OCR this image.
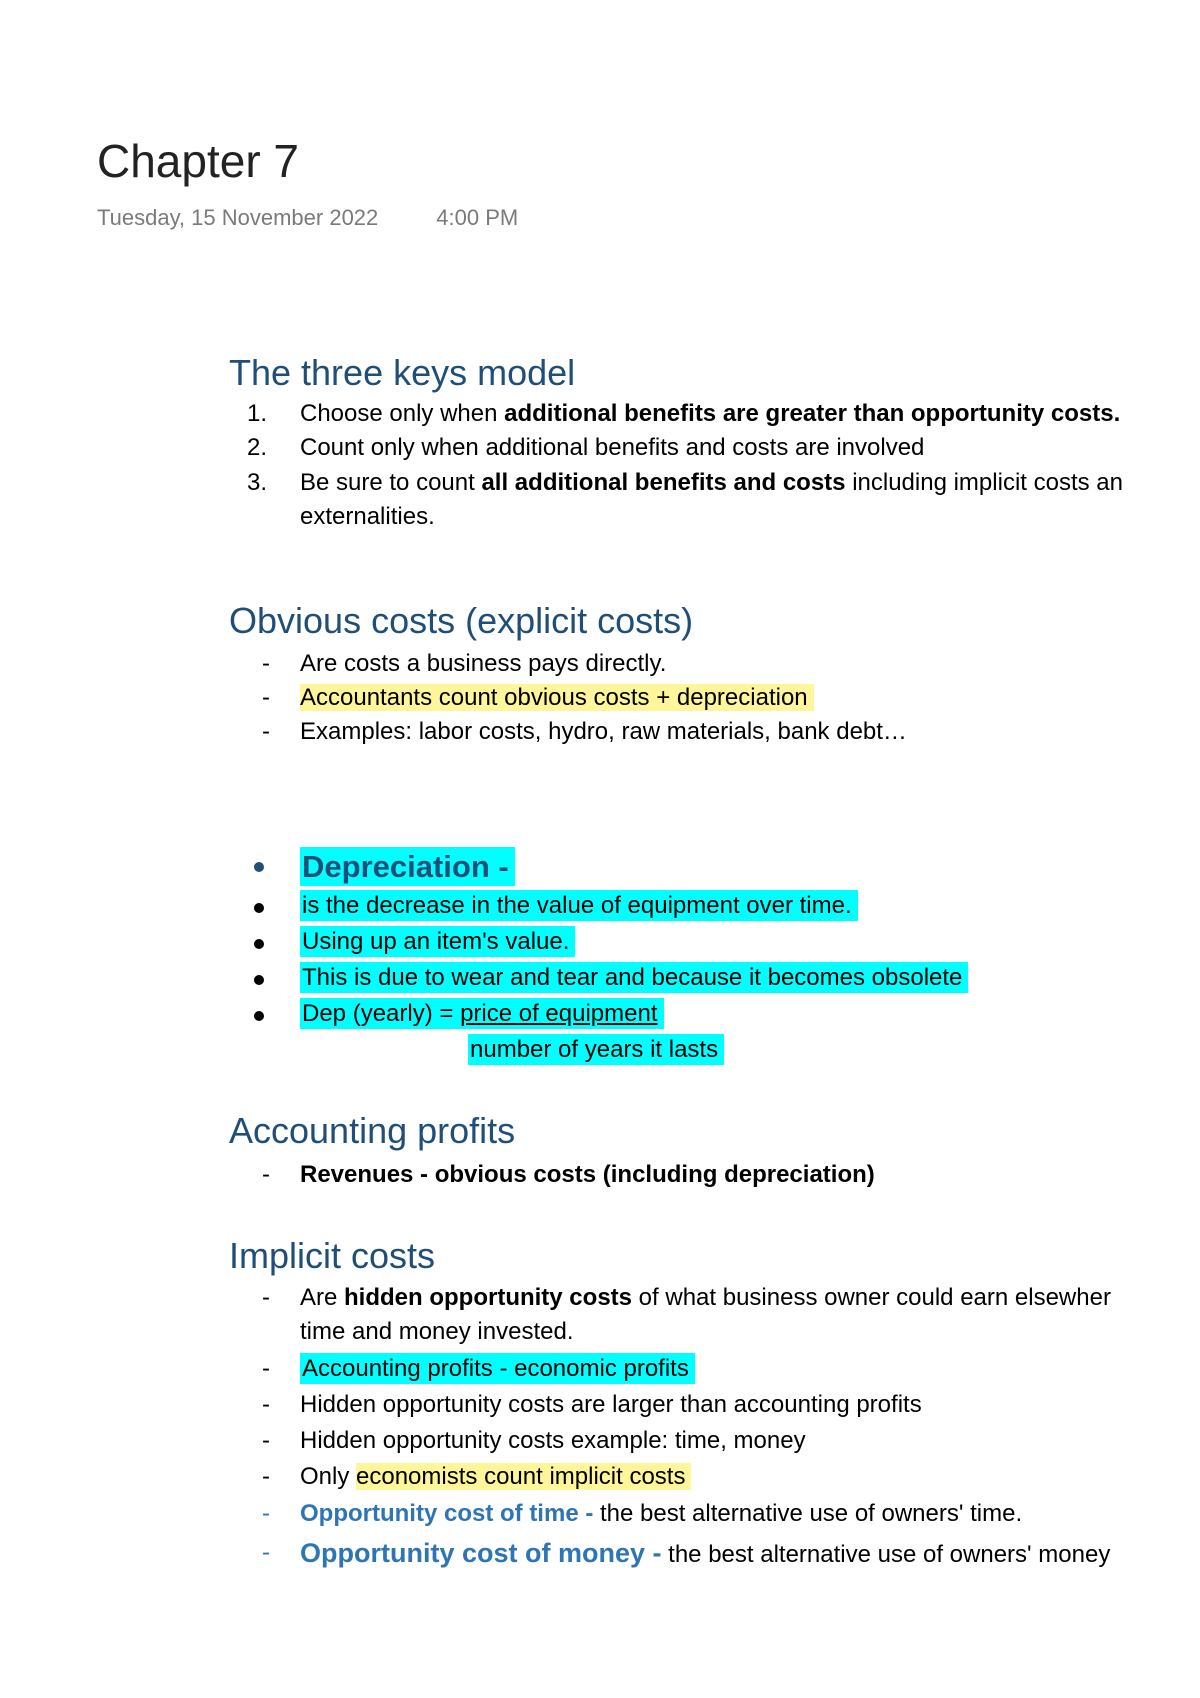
Chapter 7
Tuesday, 15 November 2022	4:00 PM
The three keys model
1. Choose only when additional benefits are greater than opportunity costs.
2. Count only when additional benefits and costs are involved
3. Be sure to count all additional benefits and costs including implicit costs an
externalities.
Obvious costs (explicit costs)
- Are costs a business pays directly.
- Accountants count obvious costs + depreciation
- Examples: labor costs, hydro, raw materials, bank debt…
Depreciation -
is the decrease in the value of equipment over time.
Using up an item's value.
This is due to wear and tear and because it becomes obsolete
Dep (yearly) = price of equipment
number of years it lasts
Accounting profits
- Revenues - obvious costs (including depreciation)
Implicit costs
- Are hidden opportunity costs of what business owner could earn elsewher
time and money invested.
- Accounting profits - economic profits
- Hidden opportunity costs are larger than accounting profits
- Hidden opportunity costs example: time, money
- Only economists count implicit costs
- Opportunity cost of time - the best alternative use of owners' time.
- Opportunity cost of money - the best alternative use of owners' money
